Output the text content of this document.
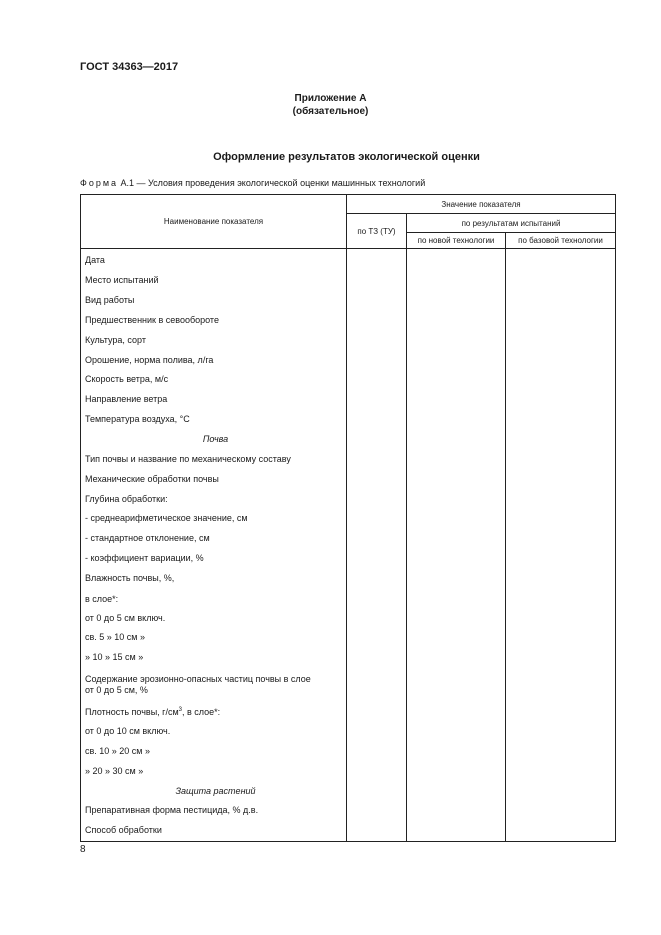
ГОСТ 34363—2017
Приложение А
(обязательное)
Оформление результатов экологической оценки
Форма А.1 — Условия проведения экологической оценки машинных технологий
Наименование показателя	Значение показателя		
	по ТЗ (ТУ)	по результатам испытаний	
		по новой технологии	по базовой технологии
Дата			
Место испытаний			
Вид работы			
Предшественник в севообороте			
Культура, сорт			
Орошение, норма полива, л/га			
Скорость ветра, м/с			
Направление ветра			
Температура воздуха, °С			
Почва			
Тип почвы и название по механическому составу			
Механические обработки почвы			
Глубина обработки:			
- среднеарифметическое значение, см			
- стандартное отклонение, см			
- коэффициент вариации, %			
Влажность почвы, %,			
в слое*:			
от 0 до 5 см включ.			
св. 5 » 10 см »			
» 10 » 15 см »			
Содержание эрозионно-опасных частиц почвы в слое
от 0 до 5 см, %			
Плотность почвы, $г/см^3$, в слое*:			
от 0 до 10 см включ.			
св. 10 » 20 см »			
» 20 » 30 см »			
Защита растений			
Препаративная форма пестицида, % д.в.			
Способ обработки			
8
